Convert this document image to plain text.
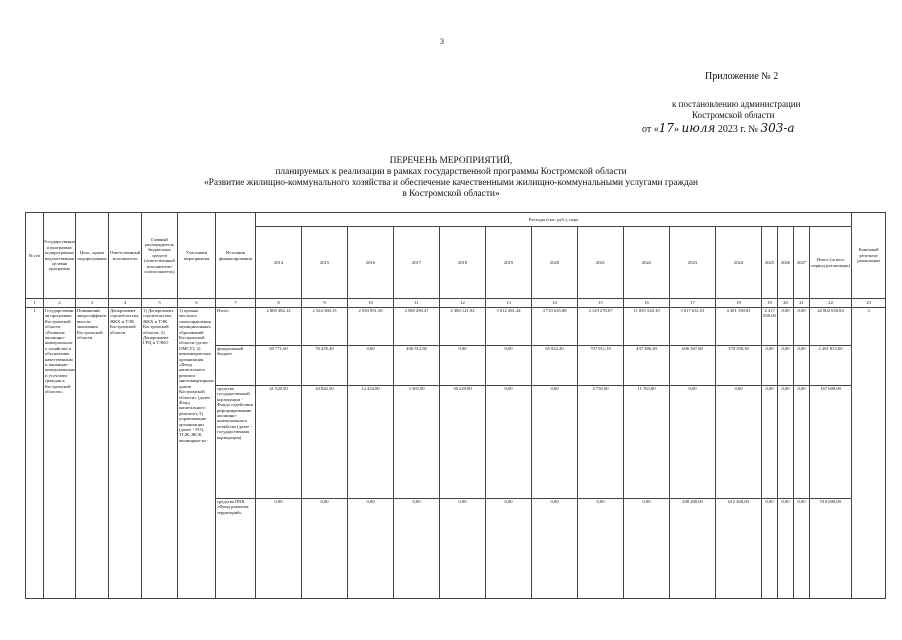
3
Приложение № 2
к постановлению администрации
Костромской области
от «17» июля 2023 г. № 303-а
ПЕРЕЧЕНЬ МЕРОПРИЯТИЙ,
планируемых к реализации в рамках государственной программы Костромской области
«Развитие жилищно-коммунального хозяйства и обеспечение качественными жилищно-коммунальными услугами граждан
в Костромской области»
№ п/п	Государственная программа/подпрограмма/ведомственная целевая программа	Цель, задача подпрограммы	Ответственный исполнитель	Главный распорядитель бюджетных средств (ответственный исполнитель/соисполнитель)	Участники мероприятия	Источник финансирования	Расходы (тыс. руб.), годы															Конечный результат реализации
							2014	2015	2016	2017	2018	2019	2020	2021	2022	2023	2024	2025	2026	2027	Итого (за весь период реализации)	
1	2	3	4	5	6	7	8	9	10	11	12	13	14	15	16	17	18	19	20	21	22	23
1	Государственная программа Костромской области «Развитие жилищно-коммунального хозяйства и обеспечение качественными жилищно-коммунальными услугами граждан в Костромской области»	Повышение энергоэффективности экономики Костромской области	Департамент строительства, ЖКХ и ТЭК Костромской области	1) Департамент строительства, ЖКХ и ТЭК Костромской области; 2) Департамент ГРЦ и ТЭКО	1) органы местного самоуправления муниципальных образований Костромской области (далее - ОМСУ); 2) некоммерческая организация «Фонд капитального ремонта многоквартирных домов Костромской области» (далее - Фонд капитального ремонта); 3) управляющие организации (далее - УО), ТСЖ, ЖСК, жилищные ко-	Итого	2 800 382,12	2 524 368,15	2 550 951,50	3 588 290,47	2 380 121,92	3 012 281,44	3 710 635,88	3 129 270,07	11 055 520,10	3 017 631,01	4 491 190,81	4 417 050,60	0,00	0,00	42 802 650,84	3
						федеральный бюджет	69 771,60	70 435,40	0,00	406 512,90	0,00	0,00	65 822,20	707 911,10	437 286,30	606 367,80	370 358,30	0,00	0,00	0,00	2 281 815,00	
						средства государственной корпорации - Фонда содействия реформированию жилищно-коммунального хозяйства (далее - государственная корпорация)	41 520,50	43 842,50	12 434,80	3 365,00	36 229,80	0,00	0,00	4 750,00	11 763,80	0,00	0,00	0,00	0,00	0,00	167 600,00	
						средства ППК «Фонд развития территорий»	0,00	0,00	0,00	0,00	0,00	0,00	0,00	0,00	0,00	298 200,00	612 400,00	0,00	0,00	0,00	910 600,00	
